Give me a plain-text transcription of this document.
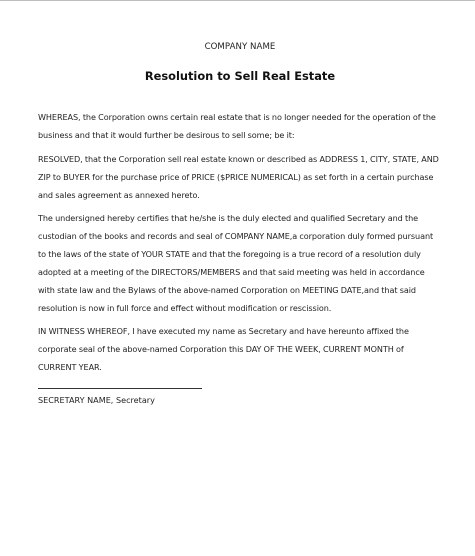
COMPANY NAME
Resolution to Sell Real Estate
WHEREAS, the Corporation owns certain real estate that is no longer needed for the operation of the business and that it would further be desirous to sell some; be it:
RESOLVED, that the Corporation sell real estate known or described as ADDRESS 1, CITY, STATE, AND ZIP to BUYER for the purchase price of PRICE ($PRICE NUMERICAL) as set forth in a certain purchase and sales agreement as annexed hereto.
The undersigned hereby certifies that he/she is the duly elected and qualified Secretary and the custodian of the books and records and seal of COMPANY NAME,a corporation duly formed pursuant to the laws of the state of YOUR STATE and that the foregoing is a true record of a resolution duly adopted at a meeting of the DIRECTORS/MEMBERS and that said meeting was held in accordance with state law and the Bylaws of the above-named Corporation on MEETING DATE,and that said resolution is now in full force and effect without modification or rescission.
IN WITNESS WHEREOF, I have executed my name as Secretary and have hereunto affixed the corporate seal of the above-named Corporation this DAY OF THE WEEK, CURRENT MONTH of CURRENT YEAR.
SECRETARY NAME, Secretary
